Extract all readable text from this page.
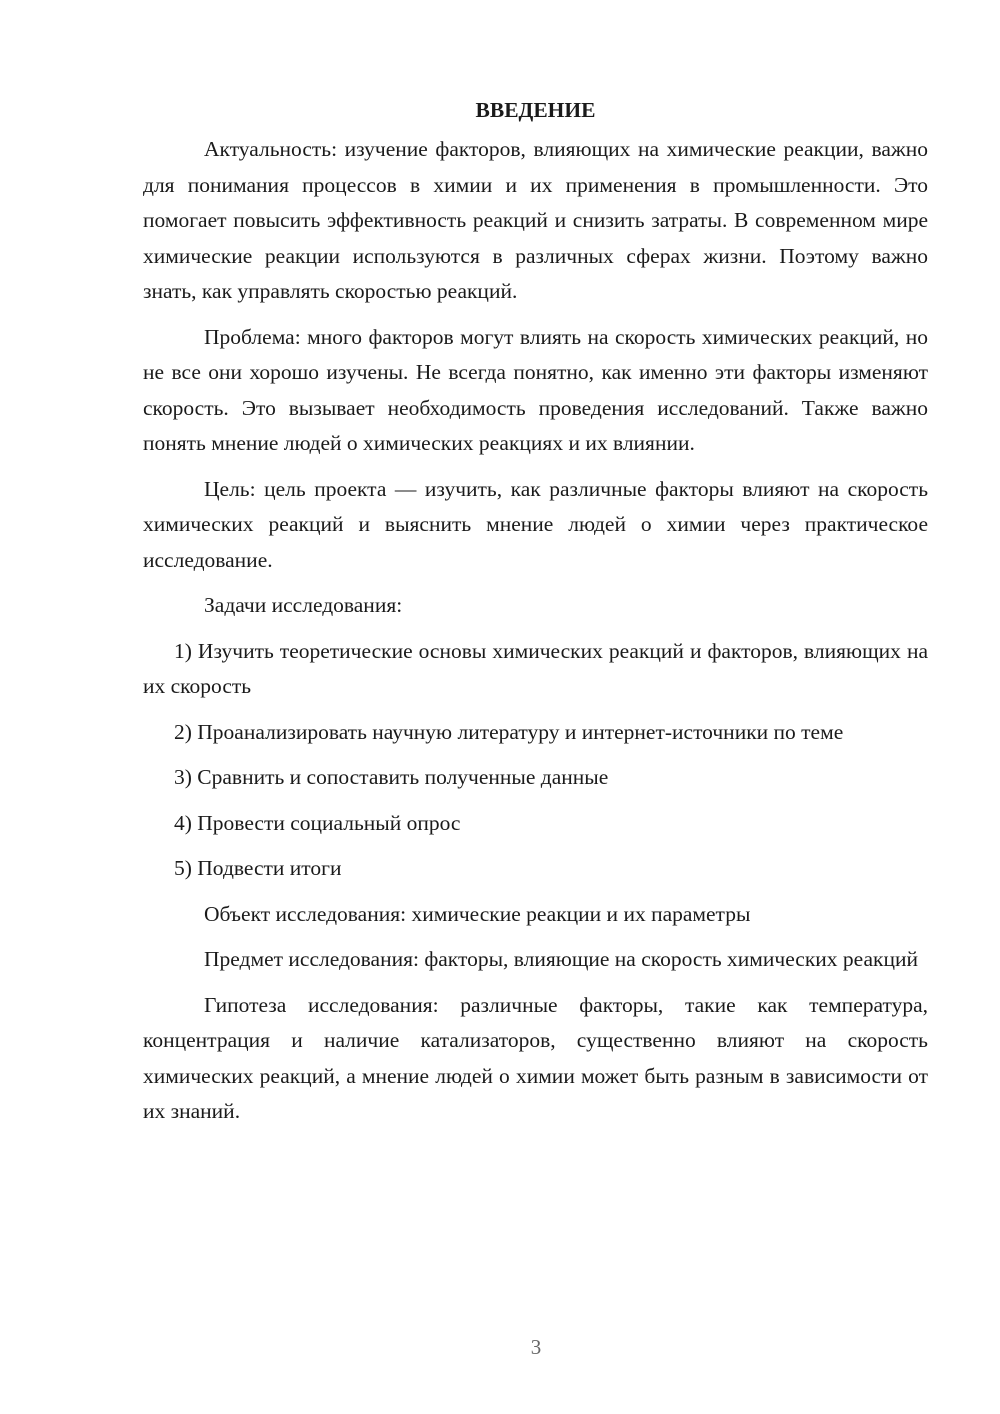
ВВЕДЕНИЕ

Актуальность: изучение факторов, влияющих на химические реакции, важно для понимания процессов в химии и их применения в промышленности. Это помогает повысить эффективность реакций и снизить затраты. В современном мире химические реакции используются в различных сферах жизни. Поэтому важно знать, как управлять скоростью реакций.

Проблема: много факторов могут влиять на скорость химических реакций, но не все они хорошо изучены. Не всегда понятно, как именно эти факторы изменяют скорость. Это вызывает необходимость проведения исследований. Также важно понять мнение людей о химических реакциях и их влиянии.

Цель: цель проекта — изучить, как различные факторы влияют на скорость химических реакций и выяснить мнение людей о химии через практическое исследование.

Задачи исследования:

1) Изучить теоретические основы химических реакций и факторов, влияющих на их скорость

2) Проанализировать научную литературу и интернет-источники по теме

3) Сравнить и сопоставить полученные данные

4) Провести социальный опрос

5) Подвести итоги

Объект исследования: химические реакции и их параметры

Предмет исследования: факторы, влияющие на скорость химических реакций

Гипотеза исследования: различные факторы, такие как температура, концентрация и наличие катализаторов, существенно влияют на скорость химических реакций, а мнение людей о химии может быть разным в зависимости от их знаний.

3
